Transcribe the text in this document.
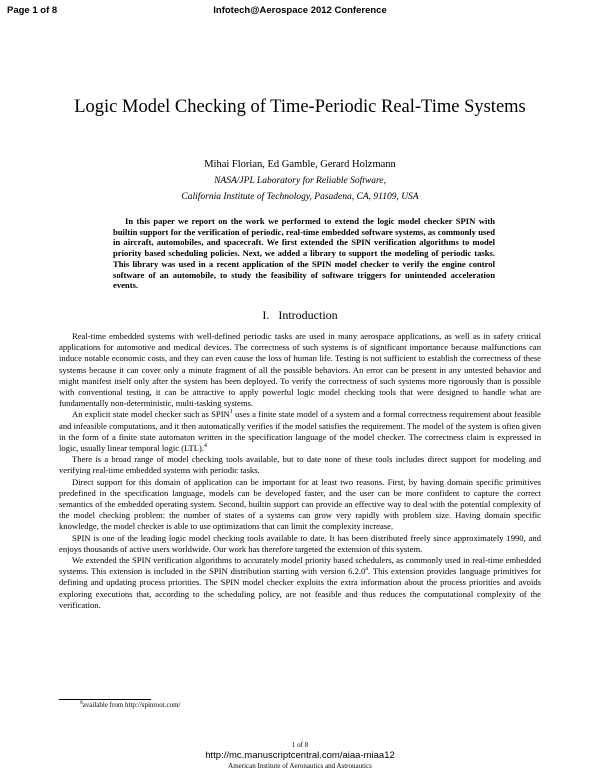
Page 1 of 8	Infotech@Aerospace 2012 Conference
Logic Model Checking of Time-Periodic Real-Time Systems
Mihai Florian, Ed Gamble, Gerard Holzmann
NASA/JPL Laboratory for Reliable Software,
California Institute of Technology, Pasadena, CA, 91109, USA

In this paper we report on the work we performed to extend the logic model checker SPIN with builtin support for the verification of periodic, real-time embedded software systems, as commonly used in aircraft, automobiles, and spacecraft. We first extended the SPIN verification algorithms to model priority based scheduling policies. Next, we added a library to support the modeling of periodic tasks. This library was used in a recent application of the SPIN model checker to verify the engine control software of an automobile, to study the feasibility of software triggers for unintended acceleration events.

I. Introduction

Real-time embedded systems with well-defined periodic tasks are used in many aerospace applications, as well as in safety critical applications for automotive and medical devices. The correctness of such systems is of significant importance because malfunctions can induce notable economic costs, and they can even cause the loss of human life. Testing is not sufficient to establish the correctness of these systems because it can cover only a minute fragment of all the possible behaviors. An error can be present in any untested behavior and might manifest itself only after the system has been deployed. To verify the correctness of such systems more rigorously than is possible with conventional testing, it can be attractive to apply powerful logic model checking tools that were designed to handle what are fundamentally non-deterministic, multi-tasking systems.

An explicit state model checker such as SPIN$^1$ uses a finite state model of a system and a formal correctness requirement about feasible and infeasible computations, and it then automatically verifies if the model satisfies the requirement. The model of the system is often given in the form of a finite state automaton written in the specification language of the model checker. The correctness claim is expressed in logic, usually linear temporal logic (LTL).$^4$

There is a broad range of model checking tools available, but to date none of these tools includes direct support for modeling and verifying real-time embedded systems with periodic tasks.

Direct support for this domain of application can be important for at least two reasons. First, by having domain specific primitives predefined in the specification language, models can be developed faster, and the user can be more confident to capture the correct semantics of the embedded operating system. Second, builtin support can provide an effective way to deal with the potential complexity of the model checking problem: the number of states of a systems can grow very rapidly with problem size. Having domain specific knowledge, the model checker is able to use optimizations that can limit the complexity increase.

SPIN is one of the leading logic model checking tools available to date. It has been distributed freely since approximately 1990, and enjoys thousands of active users worldwide. Our work has therefore targeted the extension of this system.

We extended the SPIN verification algorithms to accurately model priority based schedulers, as commonly used in real-time embedded systems. This extension is included in the SPIN distribution starting with version 6.2.0$^a$. This extension provides language primitives for defining and updating process priorities. The SPIN model checker exploits the extra information about the process priorities and avoids exploring executions that, according to the scheduling policy, are not feasible and thus reduces the computational complexity of the verification.

$^a$available from http://spinroot.com/
1 of 8
http://mc.manuscriptcentral.com/aiaa-miaa12
American Institute of Aeronautics and Astronautics
